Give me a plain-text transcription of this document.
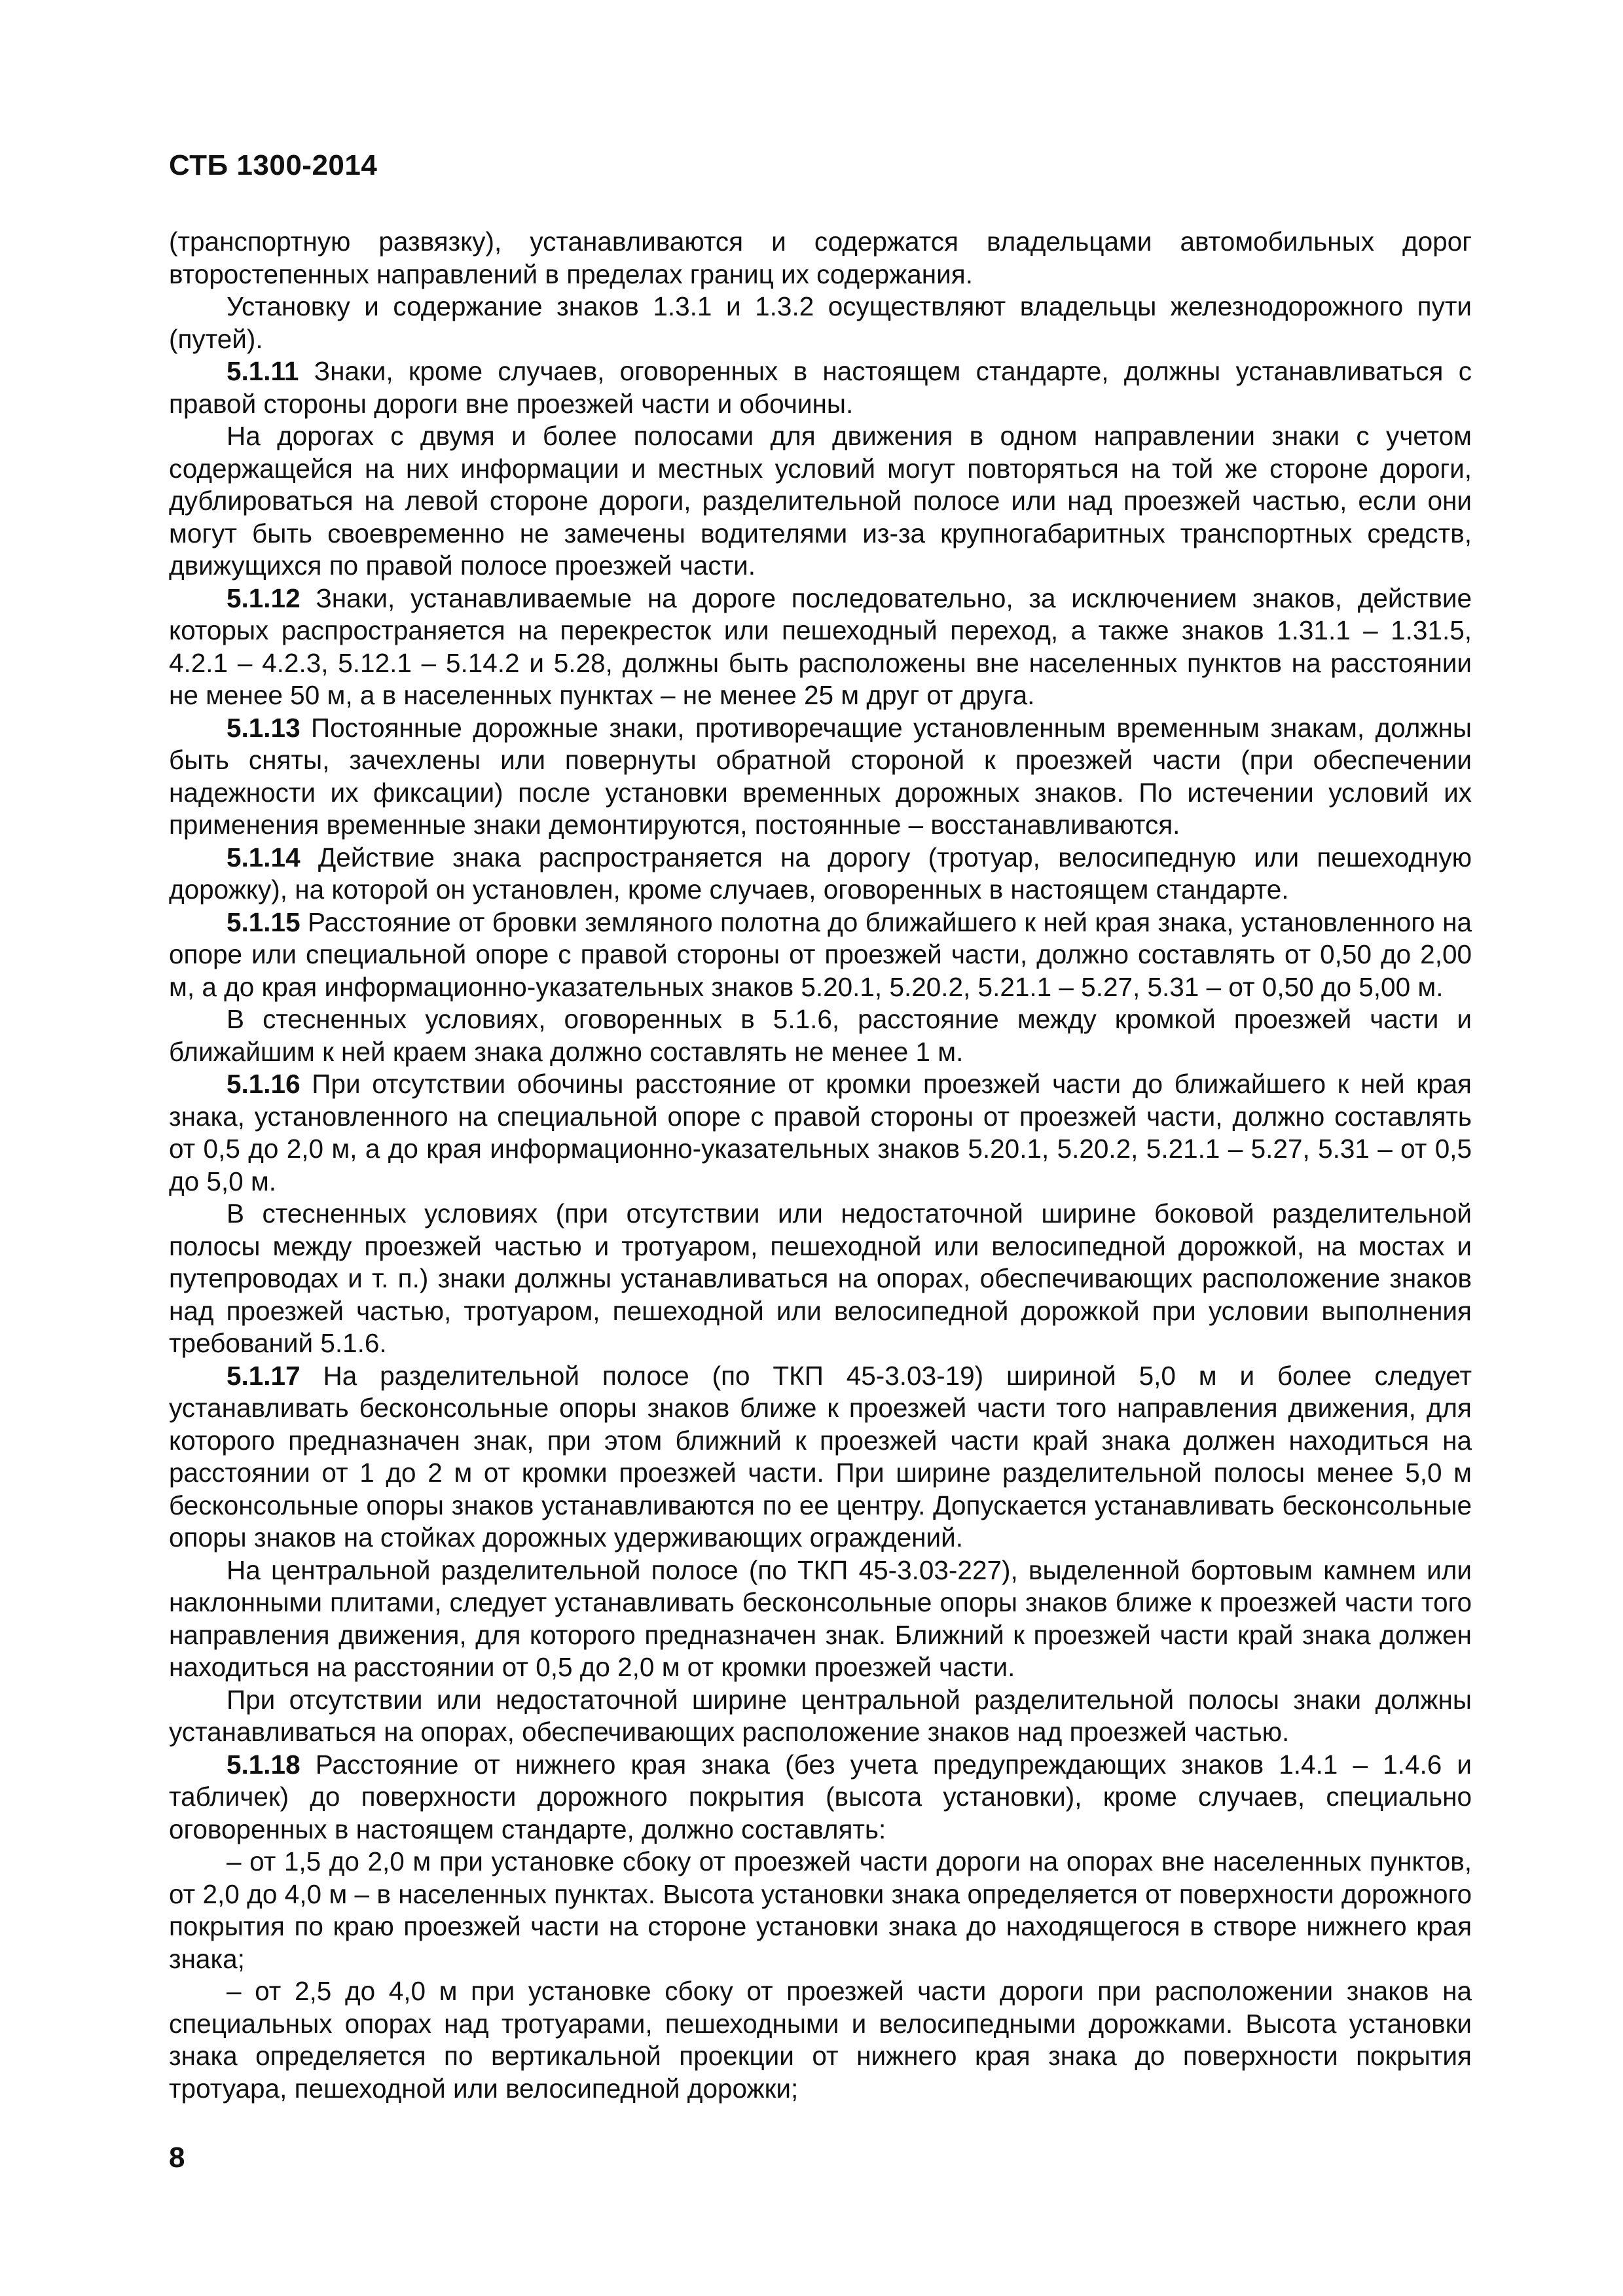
СТБ 1300-2014

(транспортную развязку), устанавливаются и содержатся владельцами автомобильных дорог второстепенных направлений в пределах границ их содержания.

Установку и содержание знаков 1.3.1 и 1.3.2 осуществляют владельцы железнодорожного пути (путей).

5.1.11 Знаки, кроме случаев, оговоренных в настоящем стандарте, должны устанавливаться с правой стороны дороги вне проезжей части и обочины.

На дорогах с двумя и более полосами для движения в одном направлении знаки с учетом содержащейся на них информации и местных условий могут повторяться на той же стороне дороги, дублироваться на левой стороне дороги, разделительной полосе или над проезжей частью, если они могут быть своевременно не замечены водителями из-за крупногабаритных транспортных средств, движущихся по правой полосе проезжей части.

5.1.12 Знаки, устанавливаемые на дороге последовательно, за исключением знаков, действие которых распространяется на перекресток или пешеходный переход, а также знаков 1.31.1 – 1.31.5, 4.2.1 – 4.2.3, 5.12.1 – 5.14.2 и 5.28, должны быть расположены вне населенных пунктов на расстоянии не менее 50 м, а в населенных пунктах – не менее 25 м друг от друга.

5.1.13 Постоянные дорожные знаки, противоречащие установленным временным знакам, должны быть сняты, зачехлены или повернуты обратной стороной к проезжей части (при обеспечении надежности их фиксации) после установки временных дорожных знаков. По истечении условий их применения временные знаки демонтируются, постоянные – восстанавливаются.

5.1.14 Действие знака распространяется на дорогу (тротуар, велосипедную или пешеходную дорожку), на которой он установлен, кроме случаев, оговоренных в настоящем стандарте.

5.1.15 Расстояние от бровки земляного полотна до ближайшего к ней края знака, установленного на опоре или специальной опоре с правой стороны от проезжей части, должно составлять от 0,50 до 2,00 м, а до края информационно-указательных знаков 5.20.1, 5.20.2, 5.21.1 – 5.27, 5.31 – от 0,50 до 5,00 м.

В стесненных условиях, оговоренных в 5.1.6, расстояние между кромкой проезжей части и ближайшим к ней краем знака должно составлять не менее 1 м.

5.1.16 При отсутствии обочины расстояние от кромки проезжей части до ближайшего к ней края знака, установленного на специальной опоре с правой стороны от проезжей части, должно составлять от 0,5 до 2,0 м, а до края информационно-указательных знаков 5.20.1, 5.20.2, 5.21.1 – 5.27, 5.31 – от 0,5 до 5,0 м.

В стесненных условиях (при отсутствии или недостаточной ширине боковой разделительной полосы между проезжей частью и тротуаром, пешеходной или велосипедной дорожкой, на мостах и путепроводах и т. п.) знаки должны устанавливаться на опорах, обеспечивающих расположение знаков над проезжей частью, тротуаром, пешеходной или велосипедной дорожкой при условии выполнения требований 5.1.6.

5.1.17 На разделительной полосе (по ТКП 45-3.03-19) шириной 5,0 м и более следует устанавливать бесконсольные опоры знаков ближе к проезжей части того направления движения, для которого предназначен знак, при этом ближний к проезжей части край знака должен находиться на расстоянии от 1 до 2 м от кромки проезжей части. При ширине разделительной полосы менее 5,0 м бесконсольные опоры знаков устанавливаются по ее центру. Допускается устанавливать бесконсольные опоры знаков на стойках дорожных удерживающих ограждений.

На центральной разделительной полосе (по ТКП 45-3.03-227), выделенной бортовым камнем или наклонными плитами, следует устанавливать бесконсольные опоры знаков ближе к проезжей части того направления движения, для которого предназначен знак. Ближний к проезжей части край знака должен находиться на расстоянии от 0,5 до 2,0 м от кромки проезжей части.

При отсутствии или недостаточной ширине центральной разделительной полосы знаки должны устанавливаться на опорах, обеспечивающих расположение знаков над проезжей частью.

5.1.18 Расстояние от нижнего края знака (без учета предупреждающих знаков 1.4.1 – 1.4.6 и табличек) до поверхности дорожного покрытия (высота установки), кроме случаев, специально оговоренных в настоящем стандарте, должно составлять:

– от 1,5 до 2,0 м при установке сбоку от проезжей части дороги на опорах вне населенных пунктов, от 2,0 до 4,0 м – в населенных пунктах. Высота установки знака определяется от поверхности дорожного покрытия по краю проезжей части на стороне установки знака до находящегося в створе нижнего края знака;

– от 2,5 до 4,0 м при установке сбоку от проезжей части дороги при расположении знаков на специальных опорах над тротуарами, пешеходными и велосипедными дорожками. Высота установки знака определяется по вертикальной проекции от нижнего края знака до поверхности покрытия тротуара, пешеходной или велосипедной дорожки;

8
